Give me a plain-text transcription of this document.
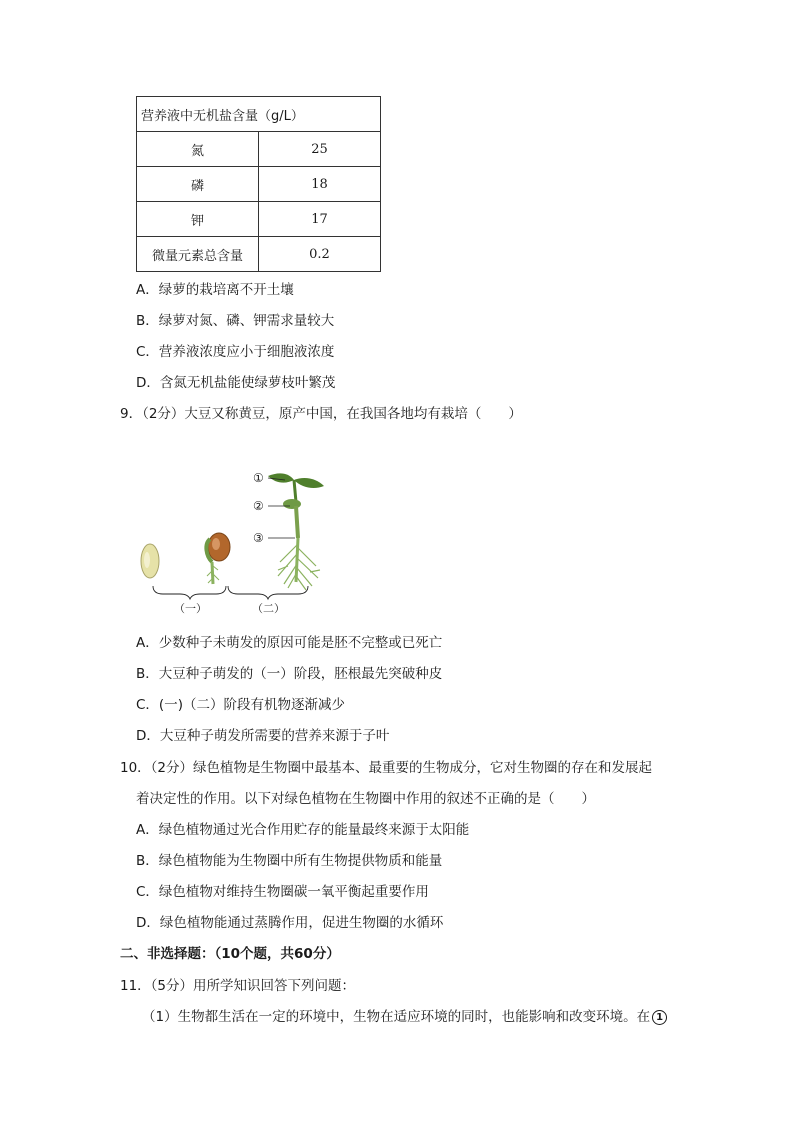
营养液中无机盐含量（g/L）	
氮	25
磷	18
钾	17
微量元素总含量	0.2
A．绿萝的栽培离不开土壤
B．绿萝对氮、磷、钾需求量较大
C．营养液浓度应小于细胞液浓度
D．含氮无机盐能使绿萝枝叶繁茂
9．（2分）大豆又称黄豆，原产中国，在我国各地均有栽培（　　）
①
②
③
（一）	（二）
A．少数种子未萌发的原因可能是胚不完整或已死亡
B．大豆种子萌发的（一）阶段，胚根最先突破种皮
C．(一)（二）阶段有机物逐渐减少
D．大豆种子萌发所需要的营养来源于子叶
10．（2分）绿色植物是生物圈中最基本、最重要的生物成分，它对生物圈的存在和发展起
着决定性的作用。以下对绿色植物在生物圈中作用的叙述不正确的是（　　）
A．绿色植物通过光合作用贮存的能量最终来源于太阳能
B．绿色植物能为生物圈中所有生物提供物质和能量
C．绿色植物对维持生物圈碳一氧平衡起重要作用
D．绿色植物能通过蒸腾作用，促进生物圈的水循环
二、非选择题：（10个题，共60分）
11．（5分）用所学知识回答下列问题：
（1）生物都生活在一定的环境中，生物在适应环境的同时，也能影响和改变环境。在 1
